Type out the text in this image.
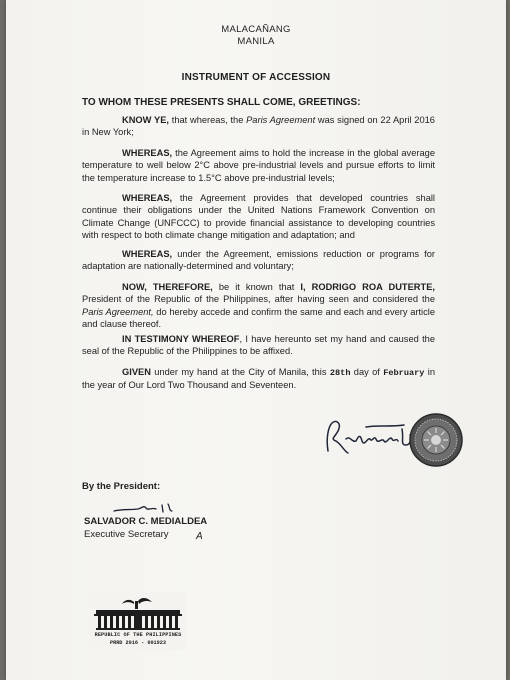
MALACAÑANG
MANILA
INSTRUMENT OF ACCESSION
TO WHOM THESE PRESENTS SHALL COME, GREETINGS:

KNOW YE, that whereas, the Paris Agreement was signed on 22 April 2016 in New York;

WHEREAS, the Agreement aims to hold the increase in the global average temperature to well below 2°C above pre-industrial levels and pursue efforts to limit the temperature increase to 1.5°C above pre-industrial levels;

WHEREAS, the Agreement provides that developed countries shall continue their obligations under the United Nations Framework Convention on Climate Change (UNFCCC) to provide financial assistance to developing countries with respect to both climate change mitigation and adaptation; and

WHEREAS, under the Agreement, emissions reduction or programs for adaptation are nationally-determined and voluntary;

NOW, THEREFORE, be it known that I, RODRIGO ROA DUTERTE, President of the Republic of the Philippines, after having seen and considered the Paris Agreement, do hereby accede and confirm the same and each and every article and clause thereof.

IN TESTIMONY WHEREOF, I have hereunto set my hand and caused the seal of the Republic of the Philippines to be affixed.

GIVEN under my hand at the City of Manila, this 28th day of February in the year of Our Lord Two Thousand and Seventeen.

By the President:
SALVADOR C. MEDIALDEA
Executive Secretary	A
REPUBLIC OF THE PHILIPPINES
PRRD 2016 - 001923
